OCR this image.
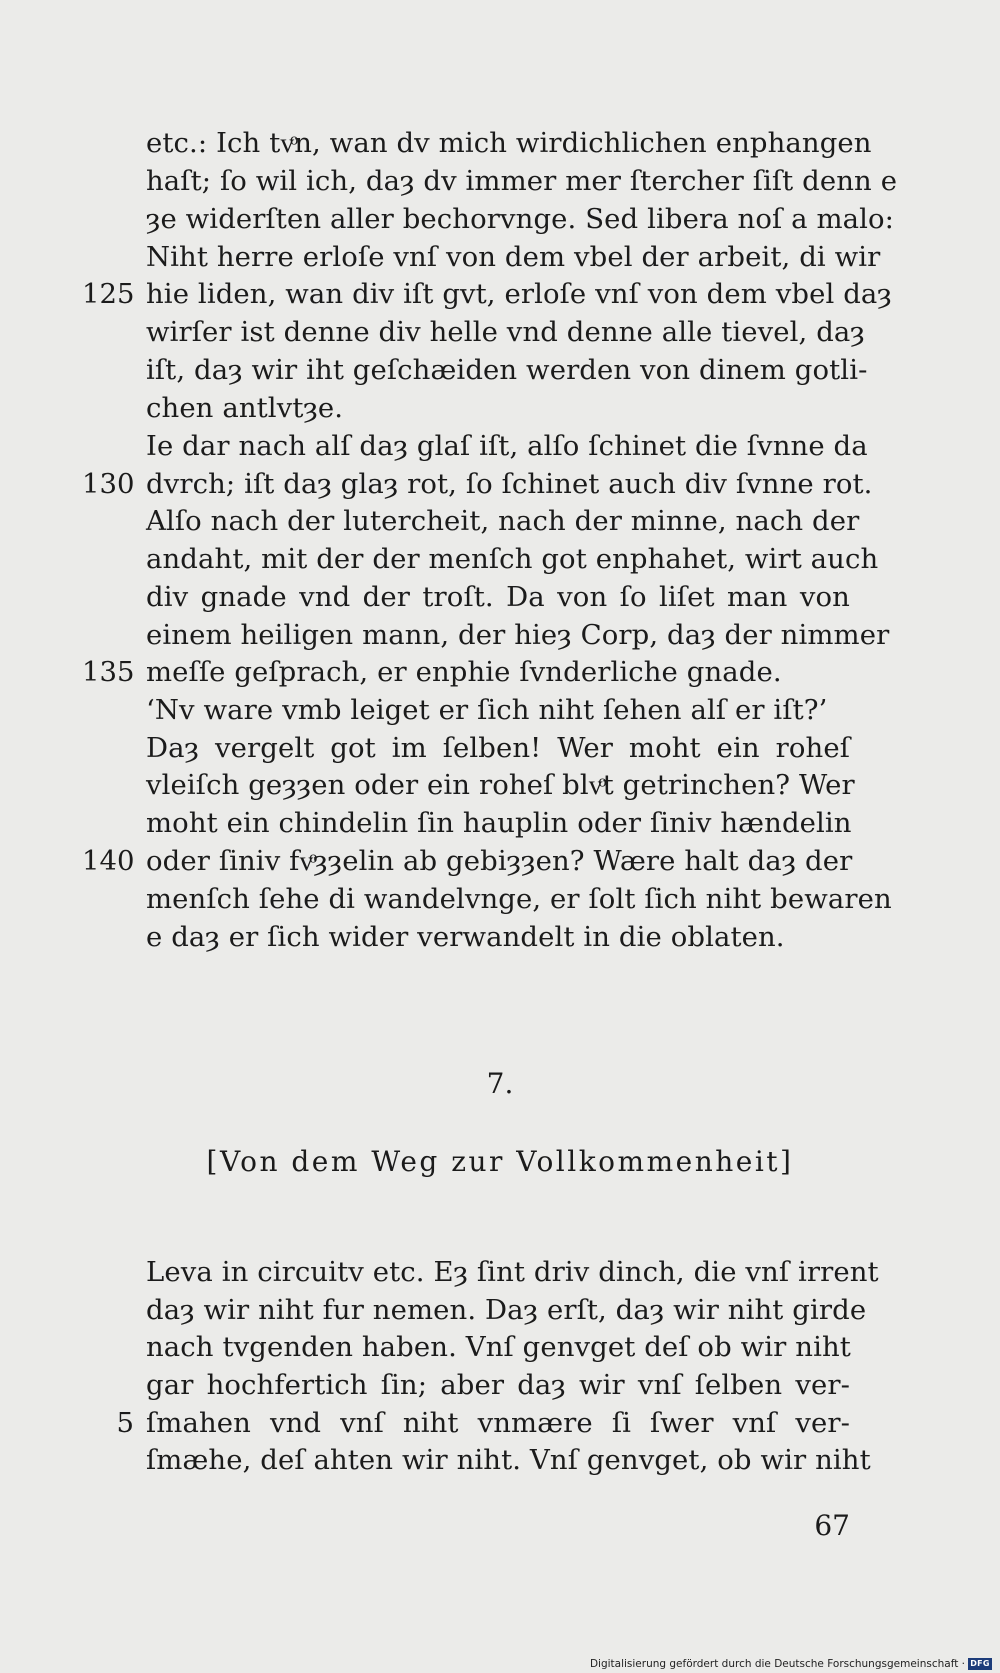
etc.: Ich tvͦn, wan dv mich wirdichlichen enphangen
haſt; ſo wil ich, daȝ dv immer mer ſtercher ſiſt denn e
ȝe widerſten aller bechorvnge. Sed libera noſ a malo:
Niht herre erloſe vnſ von dem vbel der arbeit, di wir
125 hie liden, wan div iſt gvt, erloſe vnſ von dem vbel daȝ
wirſer ist denne div helle vnd denne alle tievel, daȝ
iſt, daȝ wir iht geſchæiden werden von dinem gotli-
chen antlvtȝe.
Ie dar nach alſ daȝ glaſ iſt, alſo ſchinet die ſvnne da
130 dvrch; iſt daȝ glaȝ rot, ſo ſchinet auch div ſvnne rot.
Alſo nach der lutercheit, nach der minne, nach der
andaht, mit der der menſch got enphahet, wirt auch
div gnade vnd der troſt. Da von ſo liſet man von
einem heiligen mann, der hieȝ Corp, daȝ der nimmer
135 meſſe geſprach, er enphie ſvnderliche gnade.
‘Nv ware vmb leiget er ſich niht ſehen alſ er iſt?’
Daȝ vergelt got im ſelben! Wer moht ein roheſ
vleiſch geȝȝen oder ein roheſ blvͦt getrinchen? Wer
moht ein chindelin ſin hauplin oder ſiniv hændelin
140 oder ſiniv fvͦȝȝelin ab gebiȝȝen? Wære halt daȝ der
menſch ſehe di wandelvnge, er ſolt ſich niht bewaren
e daȝ er ſich wider verwandelt in die oblaten.
7.
[Von dem Weg zur Vollkommenheit]
Leva in circuitv etc. Eȝ ſint driv dinch, die vnſ irrent
daȝ wir niht fur nemen. Daȝ erſt, daȝ wir niht girde
nach tvgenden haben. Vnſ genvget deſ ob wir niht
gar hochfertich ſin; aber daȝ wir vnſ ſelben ver-
5 ſmahen vnd vnſ niht vnmære ſi ſwer vnſ ver-
ſmæhe, deſ ahten wir niht. Vnſ genvget, ob wir niht
67
Digitalisierung gefördert durch die Deutsche Forschungsgemeinschaft · DFG
